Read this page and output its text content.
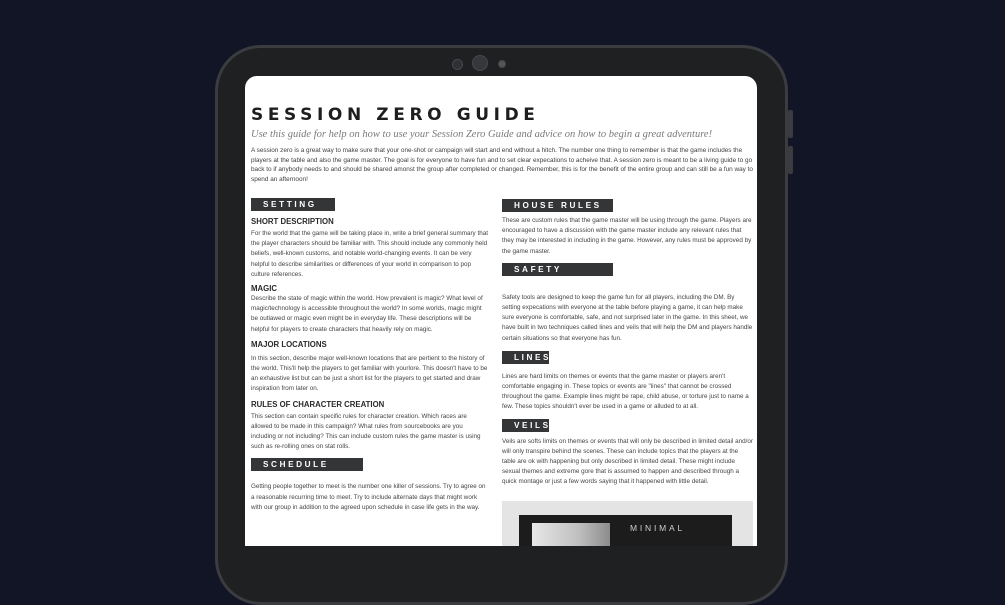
SESSION ZERO GUIDE

Use this guide for help on how to use your Session Zero Guide and advice on how to begin a great adventure!

A session zero is a great way to make sure that your one-shot or campaign will start and end without a hitch. The number one thing to remember is that the game includes the players at the table and also the game master. The goal is for everyone to have fun and to set clear expecations to acheive that. A session zero is meant to be a living guide to go back to if anybody needs to and should be shared amonst the group after completed or changed. Remember, this is for the benefit of the entire group and can still be a fun way to spend an afternoon!

SETTING

SHORT DESCRIPTION

For the world that the game will be taking place in, write a brief general summary that the player characters should be familiar with. This should include any commonly held beliefs, well-known customs, and notable world-changing events. It can be very helpful to describe similarities or differences of your world in comparison to pop culture references.

MAGIC

Describe the state of magic within the world. How prevalent is magic? What level of magic/technology is accessible throughout the world? In some worlds, magic might be outlawed or magic even might be in everyday life. These descriptions will be helpful for players to create characters that heavily rely on magic.

MAJOR LOCATIONS

In this section, describe major well-known locations that are pertient to the history of the world. This'll help the players to get familiar with yourlore. This doesn't have to be an exhaustive list but can be just a short list for the players to get started and draw inspiration from later on.

RULES OF CHARACTER CREATION

This section can contain specific rules for character creation. Which races are allowed to be made in this campaign? What rules from sourcebooks are you including or not including? This can include custom rules the game master is using such as re-rolling ones on stat rolls.

SCHEDULE

Getting people together to meet is the number one killer of sessions. Try to agree on a reasonable recurring time to meet. Try to include alternate days that might work with our group in addition to the agreed upon schedule in case life gets in the way.

HOUSE RULES

These are custom rules that the game master will be using through the game. Players are encouraged to have a discussion with the game master include any relevant rules that they may be interested in including in the game. However, any rules must be approved by the game master.

SAFETY TOOLS

Safety tools are designed to keep the game fun for all players, including the DM. By setting expecations with everyone at the table before playing a game, it can help make sure everyone is comfortable, safe, and not surprised later in the game. In this sheet, we have built in two techniques called lines and veils that will help the DM and players handle certain situations so that everyone has fun.

LINES

Lines are hard limits on themes or events that the game master or players aren't comfortable engaging in. These topics or events are "lines" that cannot be crossed throughout the game. Example lines might be rape, child abuse, or torture just to name a few. These topics shouldn't ever be used in a game or alluded to at all.

VEILS

Veils are softs limits on themes or events that will only be described in limited detail and/or will only transpire behind the scenes. These can include topics that the players at the table are ok with happening but only described in limited detail. These might include sexual themes and extreme gore that is assumed to happen and described through a quick montage or just a few words saying that it happened with little detail.

MINIMAL
